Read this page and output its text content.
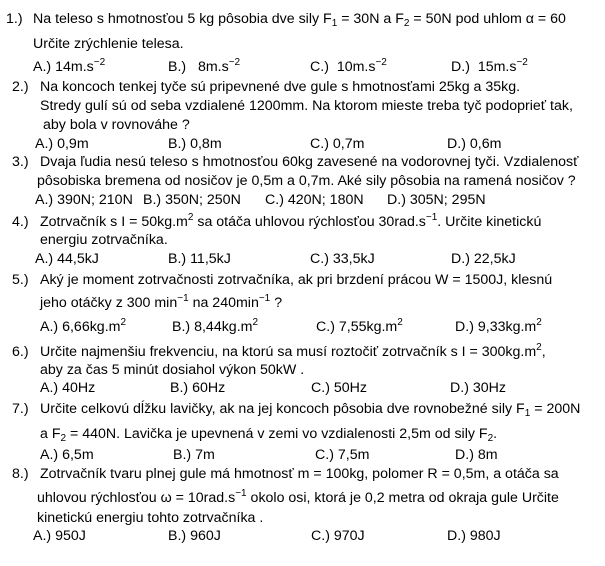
1.) Na teleso s hmotnosťou 5 kg pôsobia dve sily $F_1 = 30N$ a $F_2 = 50N$ pod uhlom α = 60
Určite zrýchlenie telesa.
A.) $14m.s^{-2}$	B.) $8m.s^{-2}$	C.) $10m.s^{-2}$	D.) $15m.s^{-2}$
2.) Na koncoch tenkej tyče sú pripevnené dve gule s hmotnosťami 25kg a 35kg.
Stredy gulí sú od seba vzdialené 1200mm. Na ktorom mieste treba tyč podoprieť tak,
aby bola v rovnováhe ?
A.) 0,9m	B.) 0,8m	C.) 0,7m	D.) 0,6m
3.) Dvaja ľudia nesú teleso s hmotnosťou 60kg zavesené na vodorovnej tyči. Vzdialenosť
pôsobiska bremena od nosičov je 0,5m a 0,7m. Aké sily pôsobia na ramená nosičov ?
A.) 390N; 210N B.) 350N; 250N C.) 420N; 180N D.) 305N; 295N
4.) Zotrvačník s $I = 50kg.m^2$ sa otáča uhlovou rýchlosťou $30rad.s^{-1}$. Určite kinetickú
energiu zotrvačníka.
A.) 44,5kJ	B.) 11,5kJ	C.) 33,5kJ	D.) 22,5kJ
5.) Aký je moment zotrvačnosti zotrvačníka, ak pri brzdení prácou W = 1500J, klesnú
jeho otáčky z 300 $\min^{-1}$ na $240\min^{-1}$ ?
A.) $6,66kg.m^2$	B.) $8,44kg.m^2$	C.) $7,55kg.m^2$	D.) $9,33kg.m^2$
6.) Určite najmenšiu frekvenciu, na ktorú sa musí roztočiť zotrvačník s $I = 300kg.m^2$,
aby za čas 5 minút dosiahol výkon 50kW .
A.) 40Hz	B.) 60Hz	C.) 50Hz	D.) 30Hz
7.) Určite celkovú dĺžku lavičky, ak na jej koncoch pôsobia dve rovnobežné sily $F_1 = 200N$
a $F_2 = 440N$. Lavička je upevnená v zemi vo vzdialenosti 2,5m od sily $F_2$.
A.) 6,5m	B.) 7m	C.) 7,5m	D.) 8m
8.) Zotrvačník tvaru plnej gule má hmotnosť m = 100kg, polomer R = 0,5m, a otáča sa
uhlovou rýchlosťou $\omega = 10rad.s^{-1}$ okolo osi, ktorá je 0,2 metra od okraja gule Určite
kinetickú energiu tohto zotrvačníka .
A.) 950J	B.) 960J	C.) 970J	D.) 980J
